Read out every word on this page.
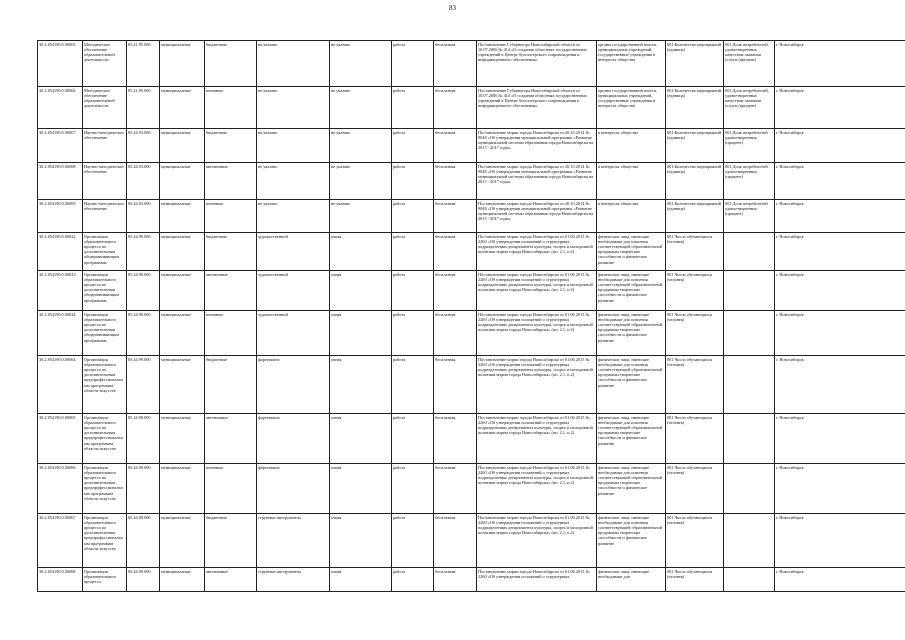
83
30.2.854190.0.00003	Методическое обеспечение образовательной деятельности	85.41.95.000	муниципальные	бюджетные	не указано	не указано	работа	бесплатная	Постановление Губернатора Новосибирской области от 10.07.2006 № 414 «О создании областных государственных учреждений в Центре бухгалтерского сопровождения и информационного обеспечения»	органы государственной власти, муниципальных учреждений, государственные учреждения в интересах общества	001.Количество мероприятий (единица)	001.Доля потребителей, удовлетворенных качеством оказания услуги (процент)	г. Новосибирск
30.2.854190.0.00004	Методическое обеспечение образовательной деятельности	85.41.95.000	муниципальные	казенные	не указано	не указано	работа	бесплатная	Постановление Губернатора Новосибирской области от 10.07.2006 № 414 «О создании областных государственных учреждений в Центре бухгалтерского сопровождения и информационного обеспечения»	органы государственной власти, муниципальных учреждений, государственные учреждения в интересах общества	001.Количество мероприятий (единица)	001.Доля потребителей, удовлетворенных качеством оказания услуги (процент)	г. Новосибирск
30.2.854190.0.00007	Научно-методическое обеспечение	85.44.93.000	муниципальные	бюджетные	не указано	не указано	работа	бесплатная	Постановление мэрии города Новосибирска от 20.10.2014 № 9048 «Об утверждении муниципальной программы «Развитие муниципальной системы образования города Новосибирска на 2015 - 2017 годы»	в интересах общества	001.Количество мероприятий (единица)	001.Доля потребителей удовлетворенных (процент)	г. Новосибирск
30.2.854190.0.00008	Научно-методическое обеспечение	85.44.93.000	муниципальные	автономные	не указано	не указано	работа	бесплатная	Постановление мэрии города Новосибирска от 20.10.2014 № 9048 «Об утверждении муниципальной программы «Развитие муниципальной системы образования города Новосибирска на 2015 - 2017 годы»	в интересах общества	001.Количество мероприятий (единица)	001.Доля потребителей удовлетворенных (процент)	г. Новосибирск
30.2.854190.0.00009	Научно-методическое обеспечение	85.44.93.000	муниципальные	казенные	не указано	не указано	работа	бесплатная	Постановление мэрии города Новосибирска от 20.10.2014 № 9048 «Об утверждении муниципальной программы «Развитие муниципальной системы образования города Новосибирска на 2015 - 2017 годы»	в интересах общества	001.Количество мероприятий (единица)	001.Доля потребителей удовлетворенных (процент)	г. Новосибирск
30.2.854190.0.00022	Организация образовательного процесса по дополнительным общеразвивающим программам	85.44.99.000	муниципальные	бюджетные	художественной	очная	работа	бесплатная	Постановление мэрии города Новосибирска от 01.06.2015 № 2260 «Об утверждении положений о структурных подразделениях департамента культуры, спорта и молодежной политики мэрии города Новосибирска» (пп. 2.1, п.2)	физические лица, имеющие необходимые для освоения соответствующей образовательной программы творческие способности и физическое развитие	001.Число обучающихся (человек)		г. Новосибирск
30.2.854190.0.00023	Организация образовательного процесса по дополнительным общеразвивающим программам	85.44.99.000	муниципальные	автономные	художественной	очная	работа	бесплатная	Постановление мэрии города Новосибирска от 01.06.2015 № 2260 «Об утверждении положений о структурных подразделениях департамента культуры, спорта и молодежной политики мэрии города Новосибирска» (пп. 2.1, п.2)	физические лица, имеющие необходимые для освоения соответствующей образовательной программы творческие способности и физическое развитие	001.Число обучающихся (человек)		г. Новосибирск
30.2.854190.0.00024	Организация образовательного процесса по дополнительным общеразвивающим программам	85.44.99.000	муниципальные	казенные	художественной	очная	работа	бесплатная	Постановление мэрии города Новосибирска от 01.06.2015 № 2260 «Об утверждении положений о структурных подразделениях департамента культуры, спорта и молодежной политики мэрии города Новосибирска» (пп. 2.1, п.2)	физические лица, имеющие необходимые для освоения соответствующей образовательной программы творческие способности и физическое развитие	001.Число обучающихся (человек)		г. Новосибирск
30.2.854190.0.00064	Организация образовательного процесса по дополнительным предпрофессиональным программам области искусств	85.44.99.000	муниципальные	бюджетные	фортепиано	очная	работа	бесплатная	Постановление мэрии города Новосибирска от 01.06.2015 № 2260 «Об утверждении положений о структурных подразделениях департамента культуры, спорта и молодежной политики мэрии города Новосибирска» (пп. 2.1, п.2)	физические лица, имеющие необходимые для освоения соответствующей образовательной программы творческие способности и физическое развитие	001.Число обучающихся (человек)		г. Новосибирск
30.2.854190.0.00065	Организация образовательного процесса по дополнительным предпрофессиональным программам области искусств	85.44.99.000	муниципальные	автономные	фортепиано	очная	работа	бесплатная	Постановление мэрии города Новосибирска от 01.06.2015 № 2260 «Об утверждении положений о структурных подразделениях департамента культуры, спорта и молодежной политики мэрии города Новосибирска» (пп. 2.1, п.2)	физические лица, имеющие необходимые для освоения соответствующей образовательной программы творческие способности и физическое развитие	001.Число обучающихся (человек)		г. Новосибирск
30.2.854190.0.00066	Организация образовательного процесса по дополнительным предпрофессиональным программам области искусств	85.44.99.000	муниципальные	казенные	фортепиано	очная	работа	бесплатная	Постановление мэрии города Новосибирска от 01.06.2015 № 2260 «Об утверждении положений о структурных подразделениях департамента культуры, спорта и молодежной политики мэрии города Новосибирска» (пп. 2.1, п.2)	физические лица, имеющие необходимые для освоения соответствующей образовательной программы творческие способности и физическое развитие	001.Число обучающихся (человек)		г. Новосибирск
30.2.854190.0.00067	Организация образовательного процесса по дополнительным предпрофессиональным программам области искусств	85.44.99.000	муниципальные	бюджетные	струнные инструменты	очная	работа	бесплатная	Постановление мэрии города Новосибирска от 01.06.2015 № 2260 «Об утверждении положений о структурных подразделениях департамента культуры, спорта и молодежной политики мэрии города Новосибирска» (пп. 2.1, п.2)	физические лица, имеющие необходимые для освоения соответствующей образовательной программы творческие способности и физическое развитие	001.Число обучающихся (человек)		г. Новосибирск
30.2.854190.0.00068	Организация образовательного процесса	85.44.99.000	муниципальные	автономные	струнные инструменты	очная	работа	бесплатная	Постановление мэрии города Новосибирска от 01.06.2015 № 2260 «Об утверждении положений о структурных	физические лица, имеющие необходимые для	001.Число обучающихся (человек)		г. Новосибирск
